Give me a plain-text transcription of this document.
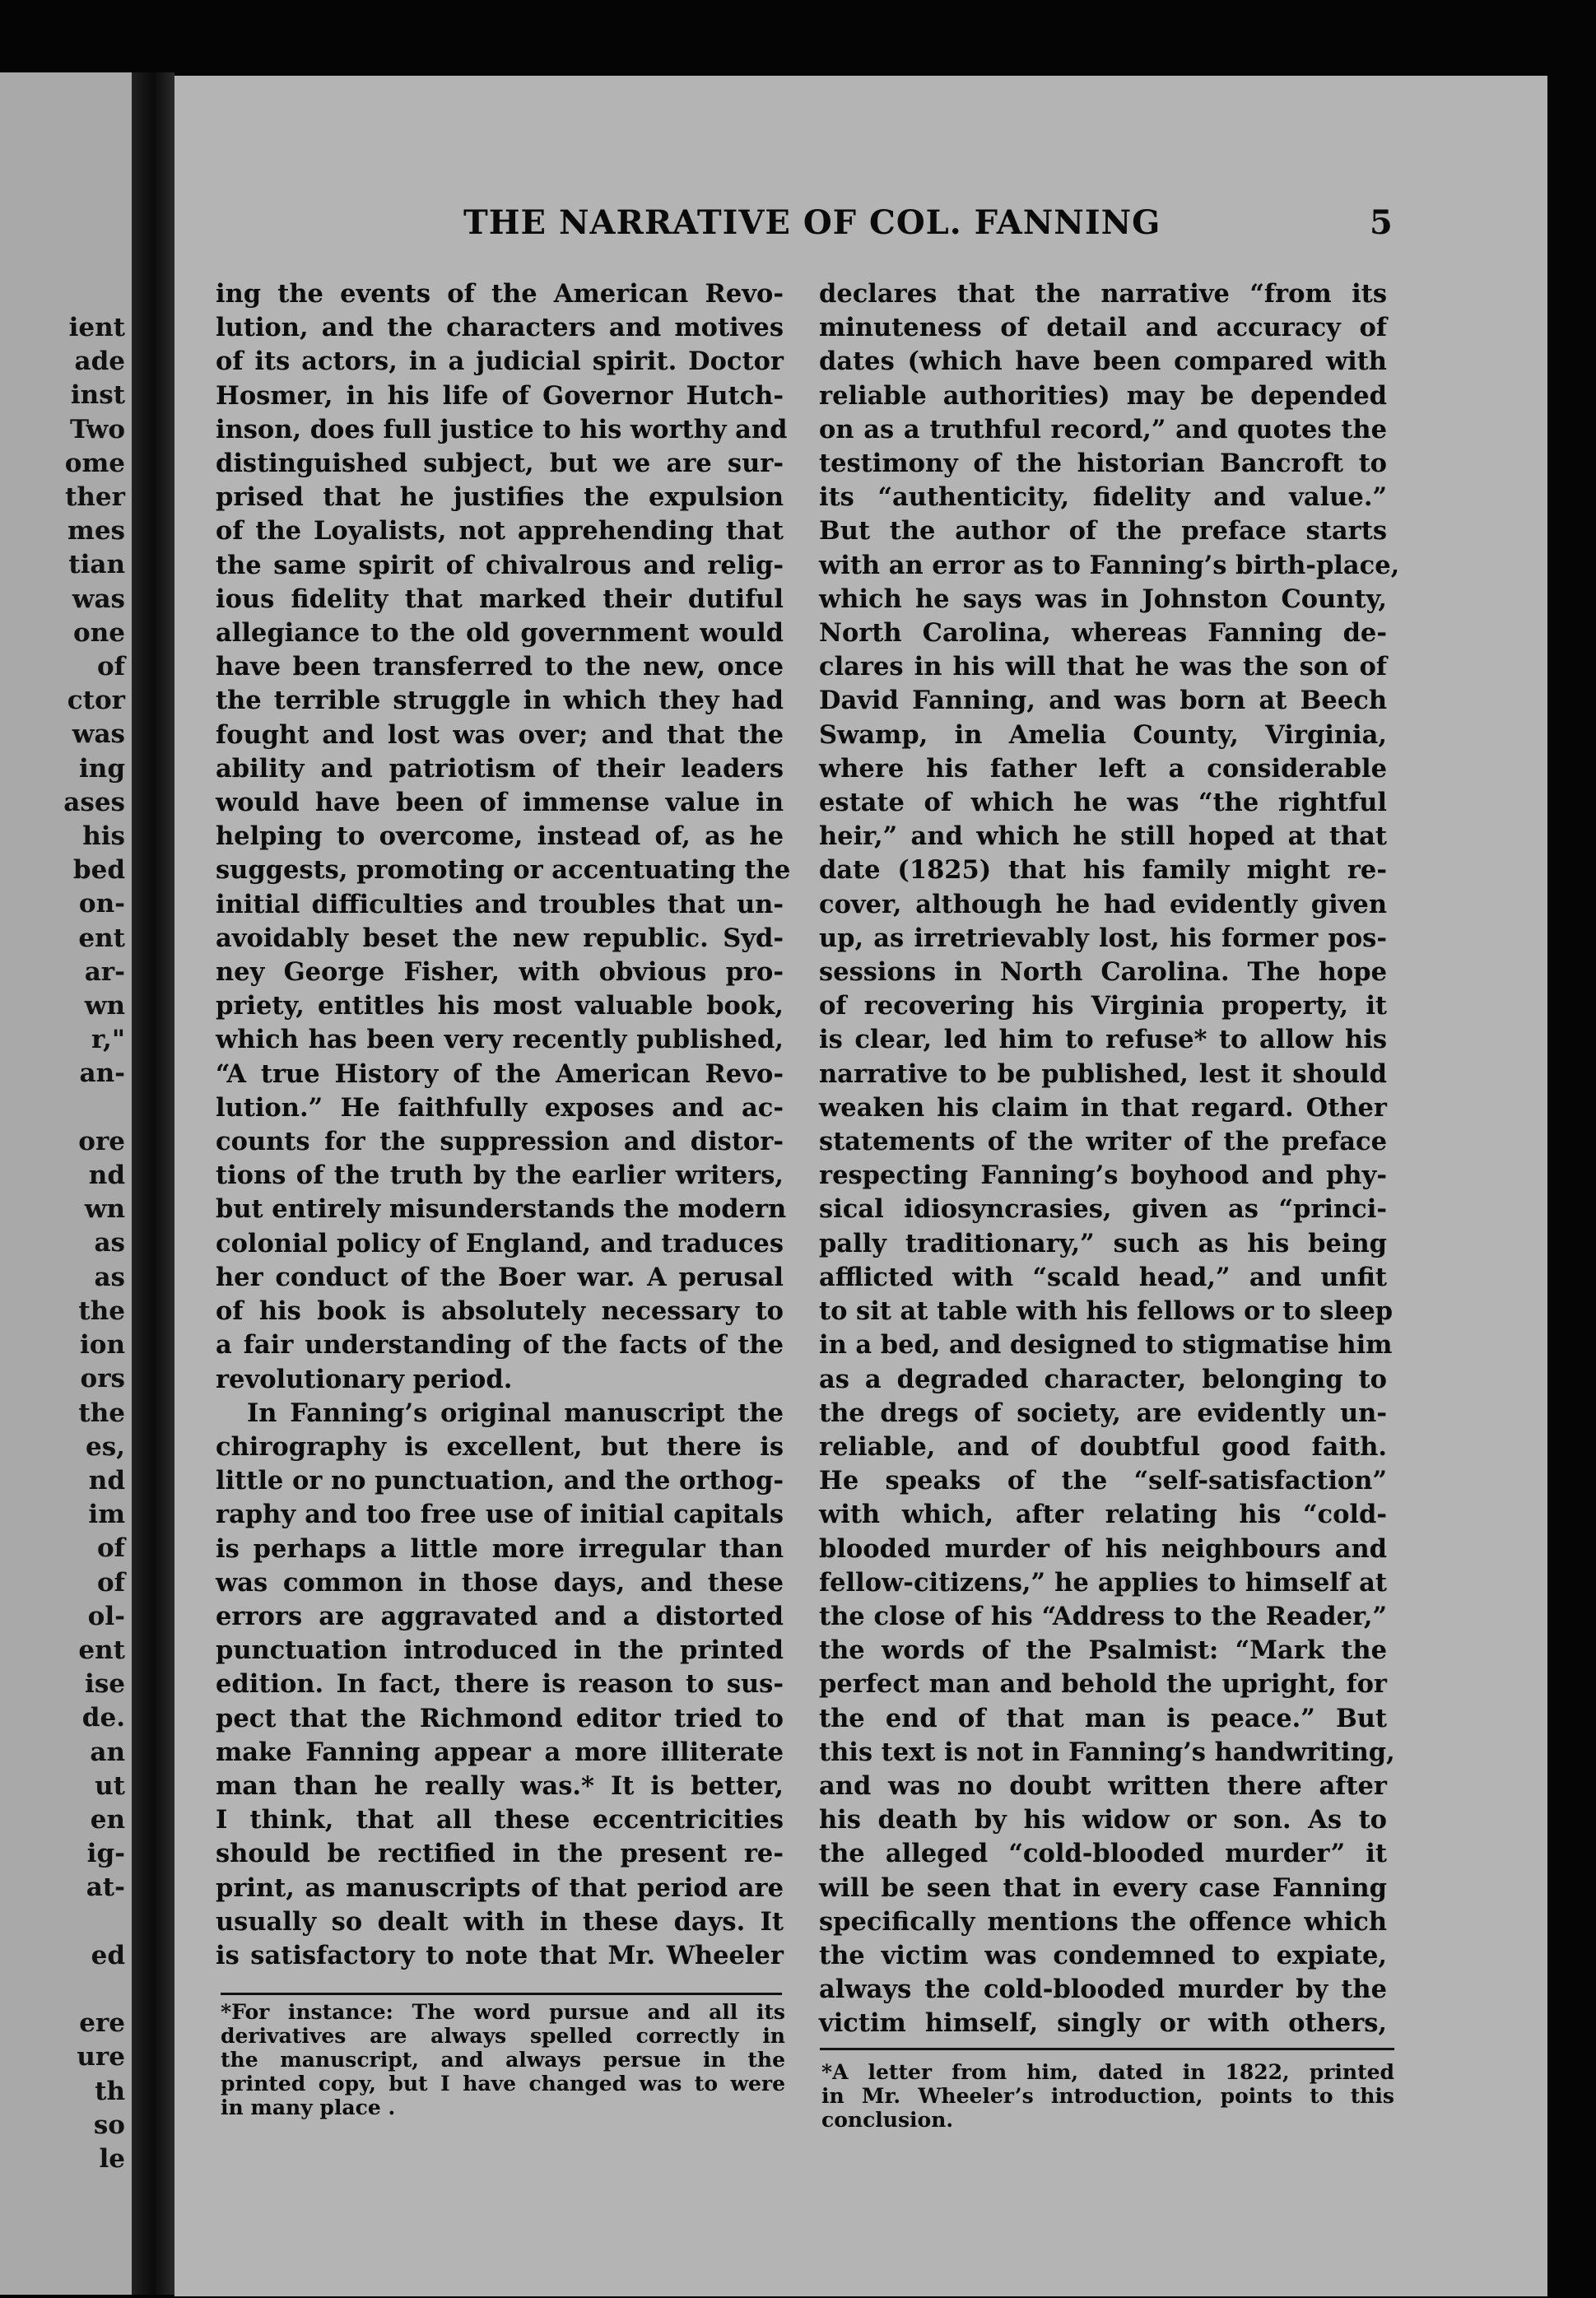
ient
ade
inst
Two
ome
ther
mes
tian
was
one
of
ctor
was
ing
ases
his
bed
on-
ent
ar-
wn
r,"
an-

ore
nd
wn
as
as
the
ion
ors
the
es,
nd
im
of
of
ol-
ent
ise
de.
an
ut
en
ig-
at-

ed

ere
ure
th
so
le
THE NARRATIVE OF COL. FANNING	5
ing the events of the American Revo-
lution, and the characters and motives
of its actors, in a judicial spirit. Doctor
Hosmer, in his life of Governor Hutch-
inson, does full justice to his worthy and
distinguished subject, but we are sur-
prised that he justifies the expulsion
of the Loyalists, not apprehending that
the same spirit of chivalrous and relig-
ious fidelity that marked their dutiful
allegiance to the old government would
have been transferred to the new, once
the terrible struggle in which they had
fought and lost was over; and that the
ability and patriotism of their leaders
would have been of immense value in
helping to overcome, instead of, as he
suggests, promoting or accentuating the
initial difficulties and troubles that un-
avoidably beset the new republic. Syd-
ney George Fisher, with obvious pro-
priety, entitles his most valuable book,
which has been very recently published,
“A true History of the American Revo-
lution.” He faithfully exposes and ac-
counts for the suppression and distor-
tions of the truth by the earlier writers,
but entirely misunderstands the modern
colonial policy of England, and traduces
her conduct of the Boer war. A perusal
of his book is absolutely necessary to
a fair understanding of the facts of the
revolutionary period.
In Fanning’s original manuscript the
chirography is excellent, but there is
little or no punctuation, and the orthog-
raphy and too free use of initial capitals
is perhaps a little more irregular than
was common in those days, and these
errors are aggravated and a distorted
punctuation introduced in the printed
edition. In fact, there is reason to sus-
pect that the Richmond editor tried to
make Fanning appear a more illiterate
man than he really was.* It is better,
I think, that all these eccentricities
should be rectified in the present re-
print, as manuscripts of that period are
usually so dealt with in these days. It
is satisfactory to note that Mr. Wheeler
*For instance: The word pursue and all its
derivatives are always spelled correctly in
the manuscript, and always persue in the
printed copy, but I have changed was to were
in many place .
declares that the narrative “from its
minuteness of detail and accuracy of
dates (which have been compared with
reliable authorities) may be depended
on as a truthful record,” and quotes the
testimony of the historian Bancroft to
its “authenticity, fidelity and value.”
But the author of the preface starts
with an error as to Fanning’s birth-place,
which he says was in Johnston County,
North Carolina, whereas Fanning de-
clares in his will that he was the son of
David Fanning, and was born at Beech
Swamp, in Amelia County, Virginia,
where his father left a considerable
estate of which he was “the rightful
heir,” and which he still hoped at that
date (1825) that his family might re-
cover, although he had evidently given
up, as irretrievably lost, his former pos-
sessions in North Carolina. The hope
of recovering his Virginia property, it
is clear, led him to refuse* to allow his
narrative to be published, lest it should
weaken his claim in that regard. Other
statements of the writer of the preface
respecting Fanning’s boyhood and phy-
sical idiosyncrasies, given as “princi-
pally traditionary,” such as his being
afflicted with “scald head,” and unfit
to sit at table with his fellows or to sleep
in a bed, and designed to stigmatise him
as a degraded character, belonging to
the dregs of society, are evidently un-
reliable, and of doubtful good faith.
He speaks of the “self-satisfaction”
with which, after relating his “cold-
blooded murder of his neighbours and
fellow-citizens,” he applies to himself at
the close of his “Address to the Reader,”
the words of the Psalmist: “Mark the
perfect man and behold the upright, for
the end of that man is peace.” But
this text is not in Fanning’s handwriting,
and was no doubt written there after
his death by his widow or son. As to
the alleged “cold-blooded murder” it
will be seen that in every case Fanning
specifically mentions the offence which
the victim was condemned to expiate,
always the cold-blooded murder by the
victim himself, singly or with others,
*A letter from him, dated in 1822, printed
in Mr. Wheeler’s introduction, points to this
conclusion.
